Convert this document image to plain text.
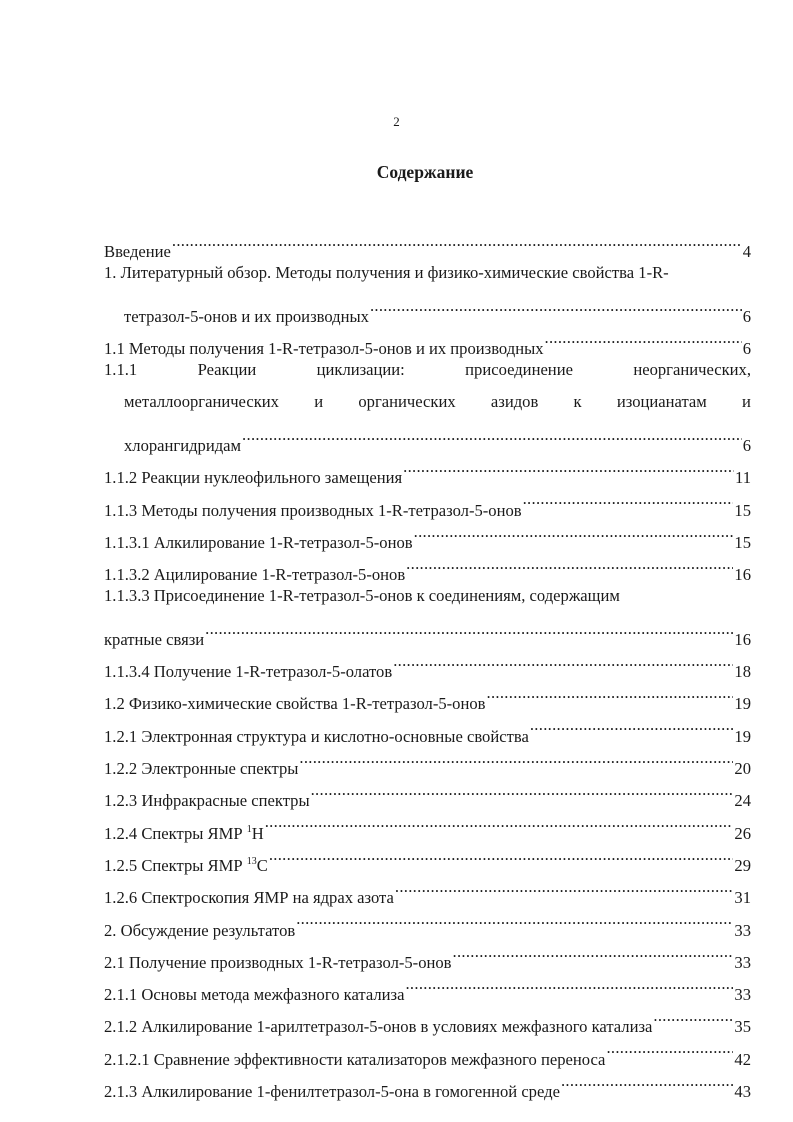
2
Содержание
Введение .....	4
1. Литературный обзор. Методы получения и физико-химические свойства 1-R-
тетразол-5-онов и их производных .....	6
1.1 Методы получения 1-R-тетразол-5-онов и их производных .....	6
1.1.1	Реакции	циклизации:	присоединение	неорганических,
металлоорганических и органических азидов к изоцианатам и
хлорангидридам .....	6
1.1.2 Реакции нуклеофильного замещения .....	11
1.1.3 Методы получения производных 1-R-тетразол-5-онов .....	15
1.1.3.1 Алкилирование 1-R-тетразол-5-онов .....	15
1.1.3.2 Ацилирование 1-R-тетразол-5-онов .....	16
1.1.3.3 Присоединение 1-R-тетразол-5-онов к соединениям, содержащим
кратные связи .....	16
1.1.3.4 Получение 1-R-тетразол-5-олатов .....	18
1.2 Физико-химические свойства 1-R-тетразол-5-онов .....	19
1.2.1 Электронная структура и кислотно-основные свойства .....	19
1.2.2 Электронные спектры .....	20
1.2.3 Инфракрасные спектры .....	24
1.2.4 Спектры ЯМР $^1$H .....	26
1.2.5 Спектры ЯМР $^{13}$C .....	29
1.2.6 Спектроскопия ЯМР на ядрах азота .....	31
2. Обсуждение результатов .....	33
2.1 Получение производных 1-R-тетразол-5-онов .....	33
2.1.1 Основы метода межфазного катализа .....	33
2.1.2 Алкилирование 1-арилтетразол-5-онов в условиях межфазного катализа .....	35
2.1.2.1 Сравнение эффективности катализаторов межфазного переноса .....	42
2.1.3 Алкилирование 1-фенилтетразол-5-она в гомогенной среде .....	43
